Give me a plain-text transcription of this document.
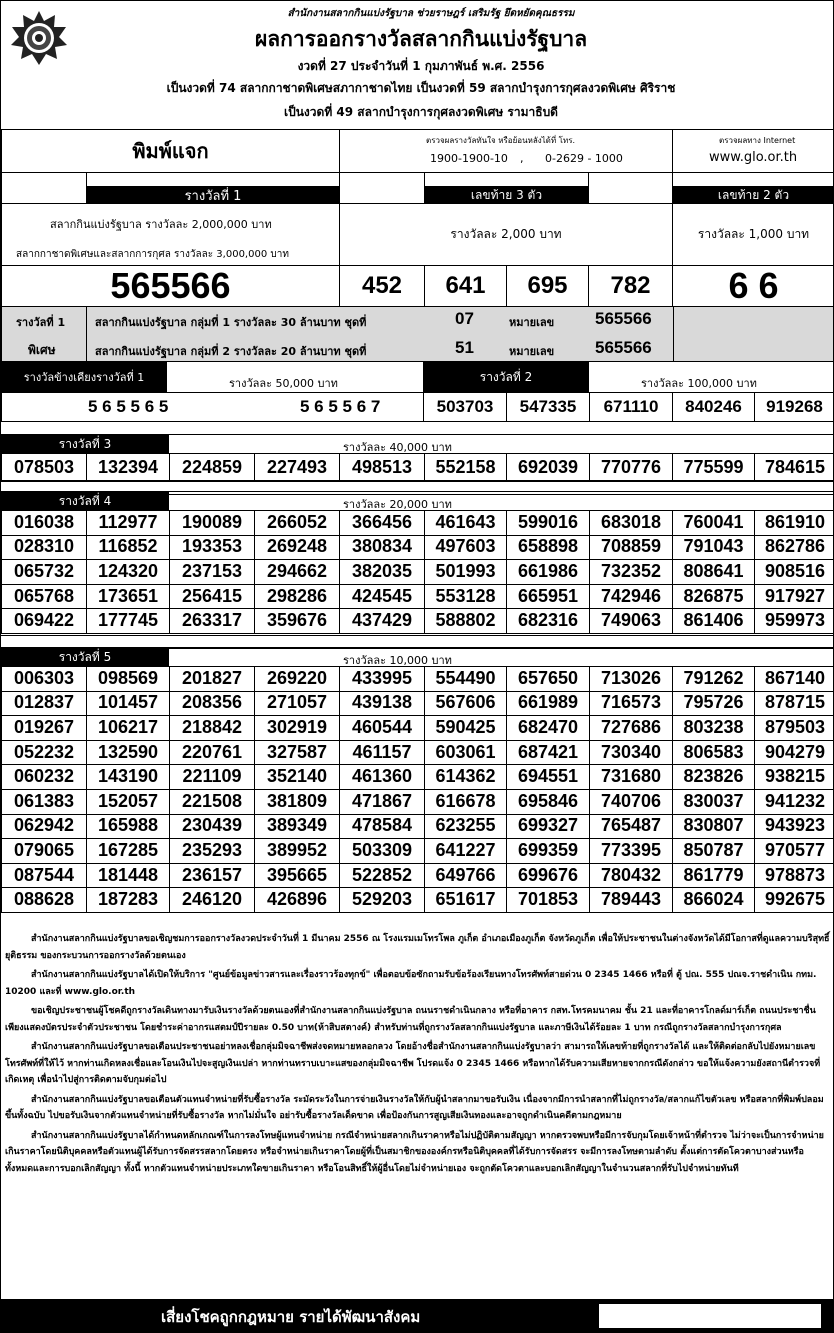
สำนักงานสลากกินแบ่งรัฐบาล ช่วยราษฎร์ เสริมรัฐ ยึดหยัดคุณธรรม
ผลการออกรางวัลสลากกินแบ่งรัฐบาล
งวดที่ 27 ประจำวันที่ 1 กุมภาพันธ์ พ.ศ. 2556
เป็นงวดที่ 74 สลากกาชาดพิเศษสภากาชาดไทย เป็นงวดที่ 59 สลากบำรุงการกุศลงวดพิเศษ ศิริราช
เป็นงวดที่ 49 สลากบำรุงการกุศลงวดพิเศษ รามาธิบดี
พิมพ์แจก	ตรวจผลรางวัลทันใจ หรือย้อนหลังได้ที่ โทร.
1900-1900-10 , 0-2629 - 1000
ตรวจผลทาง Internet
www.glo.or.th
รางวัลที่ 1	เลขท้าย 3 ตัว	เลขท้าย 2 ตัว
สลากกินแบ่งรัฐบาล รางวัลละ 2,000,000 บาท
สลากกาชาดพิเศษและสลากการกุศล รางวัลละ 3,000,000 บาท
รางวัลละ 2,000 บาท	รางวัลละ 1,000 บาท
565566	452	641	695	782	6 6
รางวัลที่ 1
พิเศษ
สลากกินแบ่งรัฐบาล กลุ่มที่ 1 รางวัลละ 30 ล้านบาท ชุดที่	07	หมายเลข 565566
สลากกินแบ่งรัฐบาล กลุ่มที่ 2 รางวัลละ 20 ล้านบาท ชุดที่	51	หมายเลข 565566
รางวัลข้างเคียงรางวัลที่ 1	รางวัลละ 50,000 บาท	รางวัลที่ 2	รางวัลละ 100,000 บาท
5 6 5 5 6 5	5 6 5 5 6 7	503703	547335	671110	840246	919268
รางวัลที่ 3	รางวัลละ 40,000 บาท
078503	132394	224859	227493	498513	552158	692039	770776	775599	784615
รางวัลที่ 4	รางวัลละ 20,000 บาท
016038	112977	190089	266052	366456	461643	599016	683018	760041	861910
028310	116852	193353	269248	380834	497603	658898	708859	791043	862786
065732	124320	237153	294662	382035	501993	661986	732352	808641	908516
065768	173651	256415	298286	424545	553128	665951	742946	826875	917927
069422	177745	263317	359676	437429	588802	682316	749063	861406	959973
รางวัลที่ 5	รางวัลละ 10,000 บาท
006303	098569	201827	269220	433995	554490	657650	713026	791262	867140
012837	101457	208356	271057	439138	567606	661989	716573	795726	878715
019267	106217	218842	302919	460544	590425	682470	727686	803238	879503
052232	132590	220761	327587	461157	603061	687421	730340	806583	904279
060232	143190	221109	352140	461360	614362	694551	731680	823826	938215
061383	152057	221508	381809	471867	616678	695846	740706	830037	941232
062942	165988	230439	389349	478584	623255	699327	765487	830807	943923
079065	167285	235293	389952	503309	641227	699359	773395	850787	970577
087544	181448	236157	395665	522852	649766	699676	780432	861779	978873
088628	187283	246120	426896	529203	651617	701853	789443	866024	992675

สำนักงานสลากกินแบ่งรัฐบาลขอเชิญชมการออกรางวัลงวดประจำวันที่ 1 มีนาคม 2556 ณ โรงแรมเมโทรโพล ภูเก็ต อำเภอเมืองภูเก็ต จังหวัดภูเก็ต เพื่อให้ประชาชนในต่างจังหวัดได้มีโอกาสที่ดูแลความบริสุทธิ์ ยุติธรรม ของกระบวนการออกรางวัลด้วยตนเอง

สำนักงานสลากกินแบ่งรัฐบาลได้เปิดให้บริการ "ศูนย์ข้อมูลข่าวสารและเรื่องราวร้องทุกข์" เพื่อตอบข้อซักถามรับข้อร้องเรียนทางโทรศัพท์สายด่วน 0 2345 1466 หรือที่ ตู้ ปณ. 555 ปณจ.ราชดำเนิน กทม. 10200 และที่ www.glo.or.th

ขอเชิญประชาชนผู้โชคดีถูกรางวัลเดินทางมารับเงินรางวัลด้วยตนเองที่สำนักงานสลากกินแบ่งรัฐบาล ถนนราชดำเนินกลาง หรือที่อาคาร กสท.โทรคมนาคม ชั้น 21 และที่อาคารโกลด์มาร์เก็ต ถนนประชาชื่น เพียงแสดงบัตรประจำตัวประชาชน โดยชำระค่าอากรแสตมป์ปีรายละ 0.50 บาท(ห้าสิบสตางค์) สำหรับท่านที่ถูกรางวัลสลากกินแบ่งรัฐบาล และภาษีเงินได้ร้อยละ 1 บาท กรณีถูกรางวัลสลากบำรุงการกุศล

สำนักงานสลากกินแบ่งรัฐบาลขอเตือนประชาชนอย่าหลงเชื่อกลุ่มมิจฉาชีพส่งจดหมายหลอกลวง โดยอ้างชื่อสำนักงานสลากกินแบ่งรัฐบาลว่า สามารถให้เลขท้ายที่ถูกรางวัลได้ และให้ติดต่อกลับไปยังหมายเลขโทรศัพท์ที่ให้ไว้ หากท่านเกิดหลงเชื่อและโอนเงินไปจะสูญเงินเปล่า หากท่านทราบเบาะแสของกลุ่มมิจฉาชีพ โปรดแจ้ง 0 2345 1466 หรือหากได้รับความเสียหายจากกรณีดังกล่าว ขอให้แจ้งความยังสถานีตำรวจที่เกิดเหตุ เพื่อนำไปสู่การติดตามจับกุมต่อไป

สำนักงานสลากกินแบ่งรัฐบาลขอเตือนตัวแทนจำหน่ายที่รับซื้อรางวัล ระมัดระวังในการจ่ายเงินรางวัลให้กับผู้นำสลากมาขอรับเงิน เนื่องจากมีการนำสลากที่ไม่ถูกรางวัล/สลากแก้ไขตัวเลข หรือสลากที่พิมพ์ปลอมขึ้นทั้งฉบับ ไปขอรับเงินจากตัวแทนจำหน่ายที่รับซื้อรางวัล หากไม่มั่นใจ อย่ารับซื้อรางวัลเด็ดขาด เพื่อป้องกันการสูญเสียเงินทองและอาจถูกดำเนินคดีตามกฎหมาย

สำนักงานสลากกินแบ่งรัฐบาลได้กำหนดหลักเกณฑ์ในการลงโทษผู้แทนจำหน่าย กรณีจำหน่ายสลากเกินราคาหรือไม่ปฏิบัติตามสัญญา หากตรวจพบหรือมีการจับกุมโดยเจ้าหน้าที่ตำรวจ ไม่ว่าจะเป็นการจำหน่ายเกินราคาโดยนิติบุคคลหรือตัวแทนผู้ได้รับการจัดสรรสลากโดยตรง หรือจำหน่ายเกินราคาโดยผู้ที่เป็นสมาชิกขององค์กรหรือนิติบุคคลที่ได้รับการจัดสรร จะมีการลงโทษตามลำดับ ตั้งแต่การตัดโควตาบางส่วนหรือทั้งหมดและการบอกเลิกสัญญา ทั้งนี้ หากตัวแทนจำหน่ายประเภทใดขายเกินราคา หรือโอนสิทธิ์ให้ผู้อื่นโดยไม่จำหน่ายเอง จะถูกตัดโควตาและบอกเลิกสัญญาในจำนวนสลากที่รับไปจำหน่ายทันที

เสี่ยงโชคถูกกฎหมาย รายได้พัฒนาสังคม
